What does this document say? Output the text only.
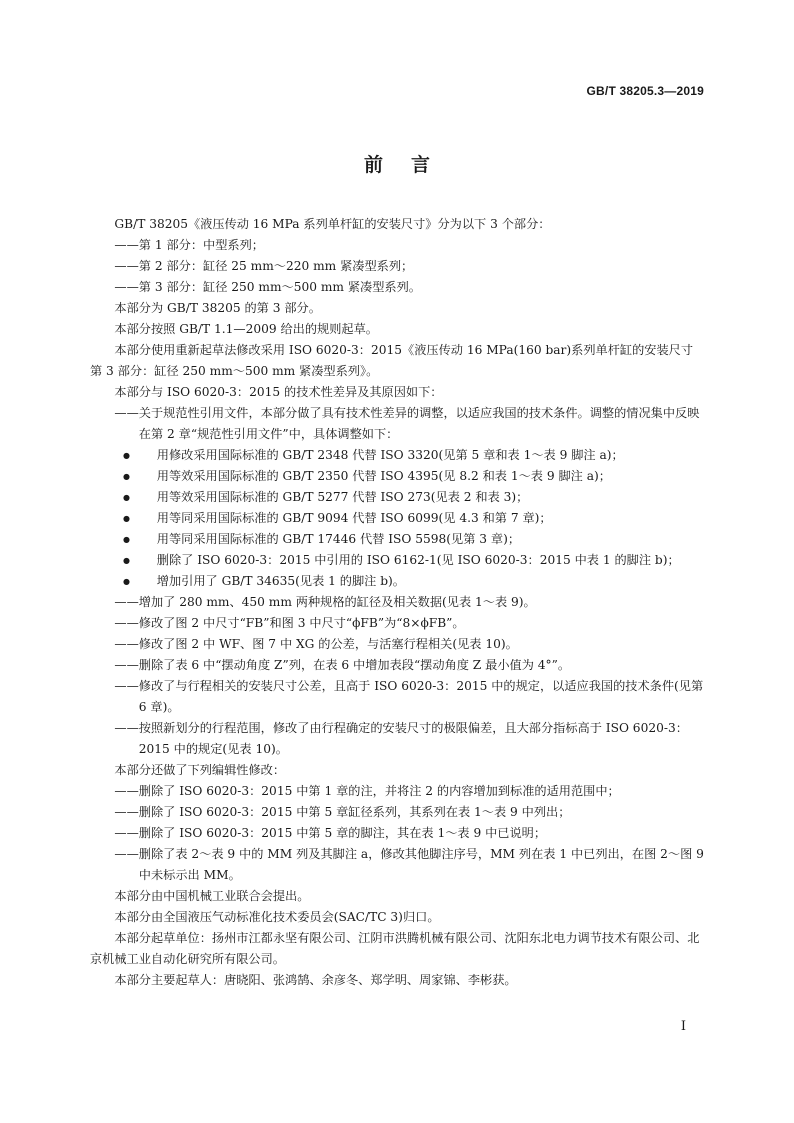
GB/T 38205.3—2019
前言

GB/T 38205《液压传动 16 MPa 系列单杆缸的安装尺寸》分为以下 3 个部分：

——第 1 部分：中型系列；

——第 2 部分：缸径 25 mm～220 mm 紧凑型系列；

——第 3 部分：缸径 250 mm～500 mm 紧凑型系列。

本部分为 GB/T 38205 的第 3 部分。

本部分按照 GB/T 1.1—2009 给出的规则起草。

本部分使用重新起草法修改采用 ISO 6020-3：2015《液压传动 16 MPa(160 bar)系列单杆缸的安装尺寸 第 3 部分：缸径 250 mm～500 mm 紧凑型系列》。

本部分与 ISO 6020-3：2015 的技术性差异及其原因如下：

——关于规范性引用文件，本部分做了具有技术性差异的调整，以适应我国的技术条件。调整的情况集中反映在第 2 章“规范性引用文件”中，具体调整如下：

● 用修改采用国际标准的 GB/T 2348 代替 ISO 3320(见第 5 章和表 1～表 9 脚注 a)；

● 用等效采用国际标准的 GB/T 2350 代替 ISO 4395(见 8.2 和表 1～表 9 脚注 a)；

● 用等效采用国际标准的 GB/T 5277 代替 ISO 273(见表 2 和表 3)；

● 用等同采用国际标准的 GB/T 9094 代替 ISO 6099(见 4.3 和第 7 章)；

● 用等同采用国际标准的 GB/T 17446 代替 ISO 5598(见第 3 章)；

● 删除了 ISO 6020-3：2015 中引用的 ISO 6162-1(见 ISO 6020-3：2015 中表 1 的脚注 b)；

● 增加引用了 GB/T 34635(见表 1 的脚注 b)。

——增加了 280 mm、450 mm 两种规格的缸径及相关数据(见表 1～表 9)。

——修改了图 2 中尺寸“FB”和图 3 中尺寸“ϕFB”为“8×ϕFB”。

——修改了图 2 中 WF、图 7 中 XG 的公差，与活塞行程相关(见表 10)。

——删除了表 6 中“摆动角度 Z”列，在表 6 中增加表段“摆动角度 Z 最小值为 4°”。

——修改了与行程相关的安装尺寸公差，且高于 ISO 6020-3：2015 中的规定，以适应我国的技术条件(见第 6 章)。

——按照新划分的行程范围，修改了由行程确定的安装尺寸的极限偏差，且大部分指标高于 ISO 6020-3：2015 中的规定(见表 10)。

本部分还做了下列编辑性修改：

——删除了 ISO 6020-3：2015 中第 1 章的注，并将注 2 的内容增加到标准的适用范围中；

——删除了 ISO 6020-3：2015 中第 5 章缸径系列，其系列在表 1～表 9 中列出；

——删除了 ISO 6020-3：2015 中第 5 章的脚注，其在表 1～表 9 中已说明；

——删除了表 2～表 9 中的 MM 列及其脚注 a，修改其他脚注序号，MM 列在表 1 中已列出，在图 2～图 9 中未标示出 MM。

本部分由中国机械工业联合会提出。

本部分由全国液压气动标准化技术委员会(SAC/TC 3)归口。

本部分起草单位：扬州市江都永坚有限公司、江阴市洪腾机械有限公司、沈阳东北电力调节技术有限公司、北京机械工业自动化研究所有限公司。

本部分主要起草人：唐晓阳、张鸿鹄、余彦冬、郑学明、周家锦、李彬获。

I
